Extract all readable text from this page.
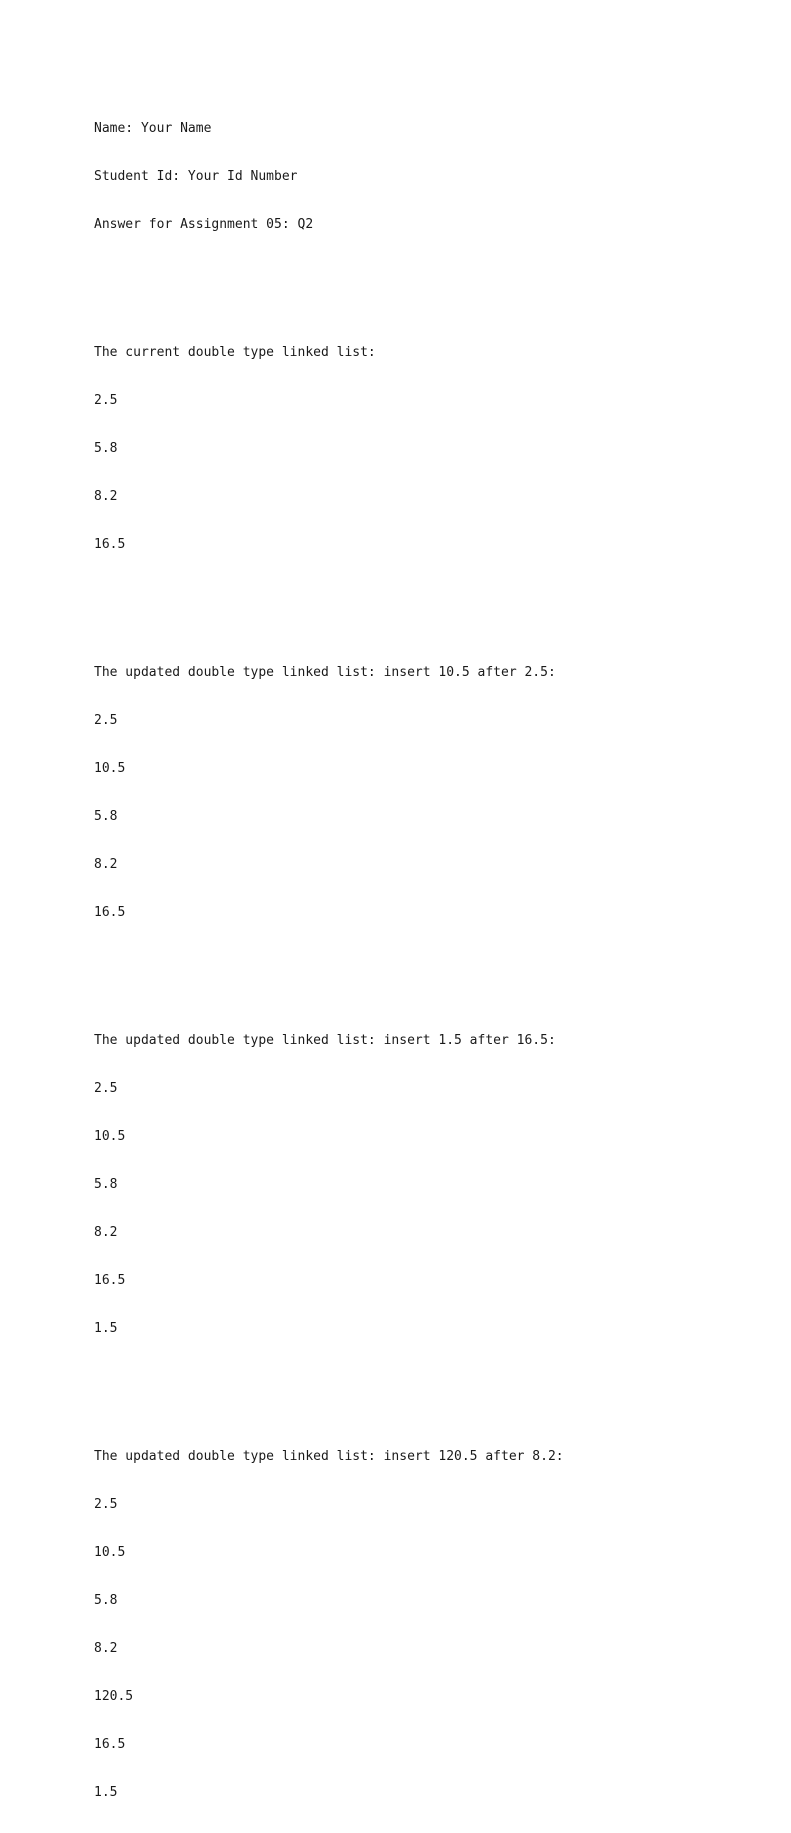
Name: Your Name

Student Id: Your Id Number

Answer for Assignment 05: Q2

The current double type linked list:

2.5

5.8

8.2

16.5

The updated double type linked list: insert 10.5 after 2.5:

2.5

10.5

5.8

8.2

16.5

The updated double type linked list: insert 1.5 after 16.5:

2.5

10.5

5.8

8.2

16.5

1.5

The updated double type linked list: insert 120.5 after 8.2:

2.5

10.5

5.8

8.2

120.5

16.5

1.5
